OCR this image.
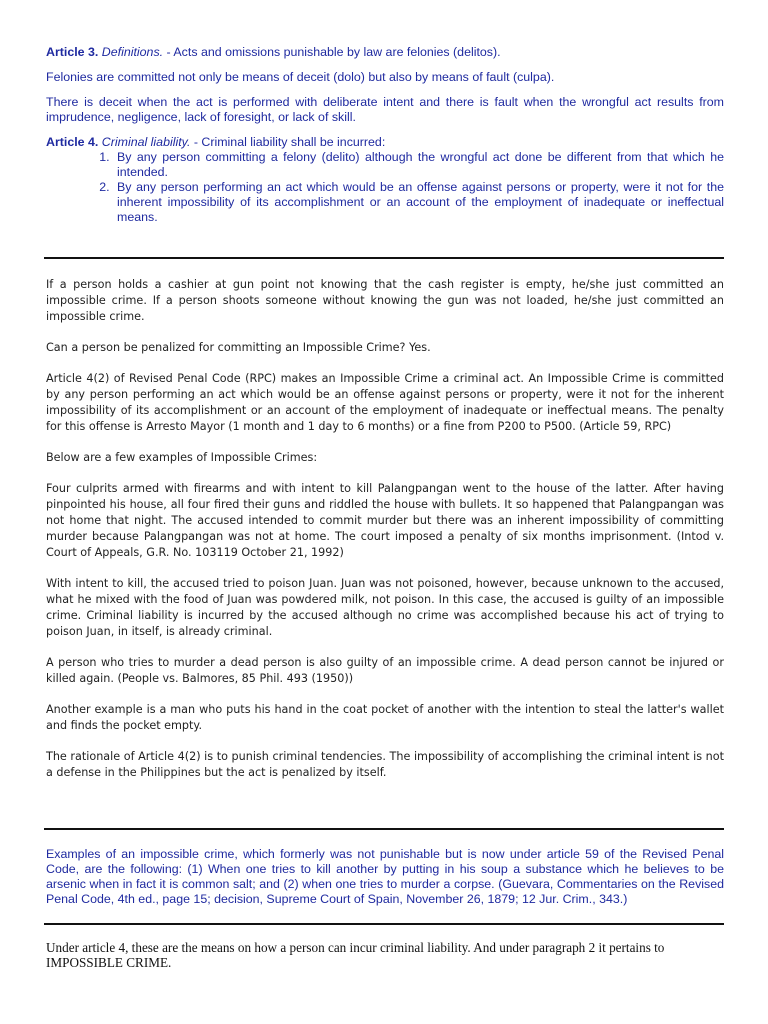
Article 3. Definitions. - Acts and omissions punishable by law are felonies (delitos).

Felonies are committed not only be means of deceit (dolo) but also by means of fault (culpa).

There is deceit when the act is performed with deliberate intent and there is fault when the wrongful act results from imprudence, negligence, lack of foresight, or lack of skill.

Article 4. Criminal liability. - Criminal liability shall be incurred:

1. By any person committing a felony (delito) although the wrongful act done be different from that which he intended.
2. By any person performing an act which would be an offense against persons or property, were it not for the inherent impossibility of its accomplishment or an account of the employment of inadequate or ineffectual means.

If a person holds a cashier at gun point not knowing that the cash register is empty, he/she just committed an impossible crime. If a person shoots someone without knowing the gun was not loaded, he/she just committed an impossible crime.

Can a person be penalized for committing an Impossible Crime? Yes.

Article 4(2) of Revised Penal Code (RPC) makes an Impossible Crime a criminal act. An Impossible Crime is committed by any person performing an act which would be an offense against persons or property, were it not for the inherent impossibility of its accomplishment or an account of the employment of inadequate or ineffectual means. The penalty for this offense is Arresto Mayor (1 month and 1 day to 6 months) or a fine from P200 to P500. (Article 59, RPC)

Below are a few examples of Impossible Crimes:

Four culprits armed with firearms and with intent to kill Palangpangan went to the house of the latter. After having pinpointed his house, all four fired their guns and riddled the house with bullets. It so happened that Palangpangan was not home that night. The accused intended to commit murder but there was an inherent impossibility of committing murder because Palangpangan was not at home. The court imposed a penalty of six months imprisonment. (Intod v. Court of Appeals, G.R. No. 103119 October 21, 1992)

With intent to kill, the accused tried to poison Juan. Juan was not poisoned, however, because unknown to the accused, what he mixed with the food of Juan was powdered milk, not poison. In this case, the accused is guilty of an impossible crime. Criminal liability is incurred by the accused although no crime was accomplished because his act of trying to poison Juan, in itself, is already criminal.

A person who tries to murder a dead person is also guilty of an impossible crime. A dead person cannot be injured or killed again. (People vs. Balmores, 85 Phil. 493 (1950))

Another example is a man who puts his hand in the coat pocket of another with the intention to steal the latter's wallet and finds the pocket empty.

The rationale of Article 4(2) is to punish criminal tendencies. The impossibility of accomplishing the criminal intent is not a defense in the Philippines but the act is penalized by itself.

Examples of an impossible crime, which formerly was not punishable but is now under article 59 of the Revised Penal Code, are the following: (1) When one tries to kill another by putting in his soup a substance which he believes to be arsenic when in fact it is common salt; and (2) when one tries to murder a corpse. (Guevara, Commentaries on the Revised Penal Code, 4th ed., page 15; decision, Supreme Court of Spain, November 26, 1879; 12 Jur. Crim., 343.)

Under article 4, these are the means on how a person can incur criminal liability. And under paragraph 2 it pertains to IMPOSSIBLE CRIME.
